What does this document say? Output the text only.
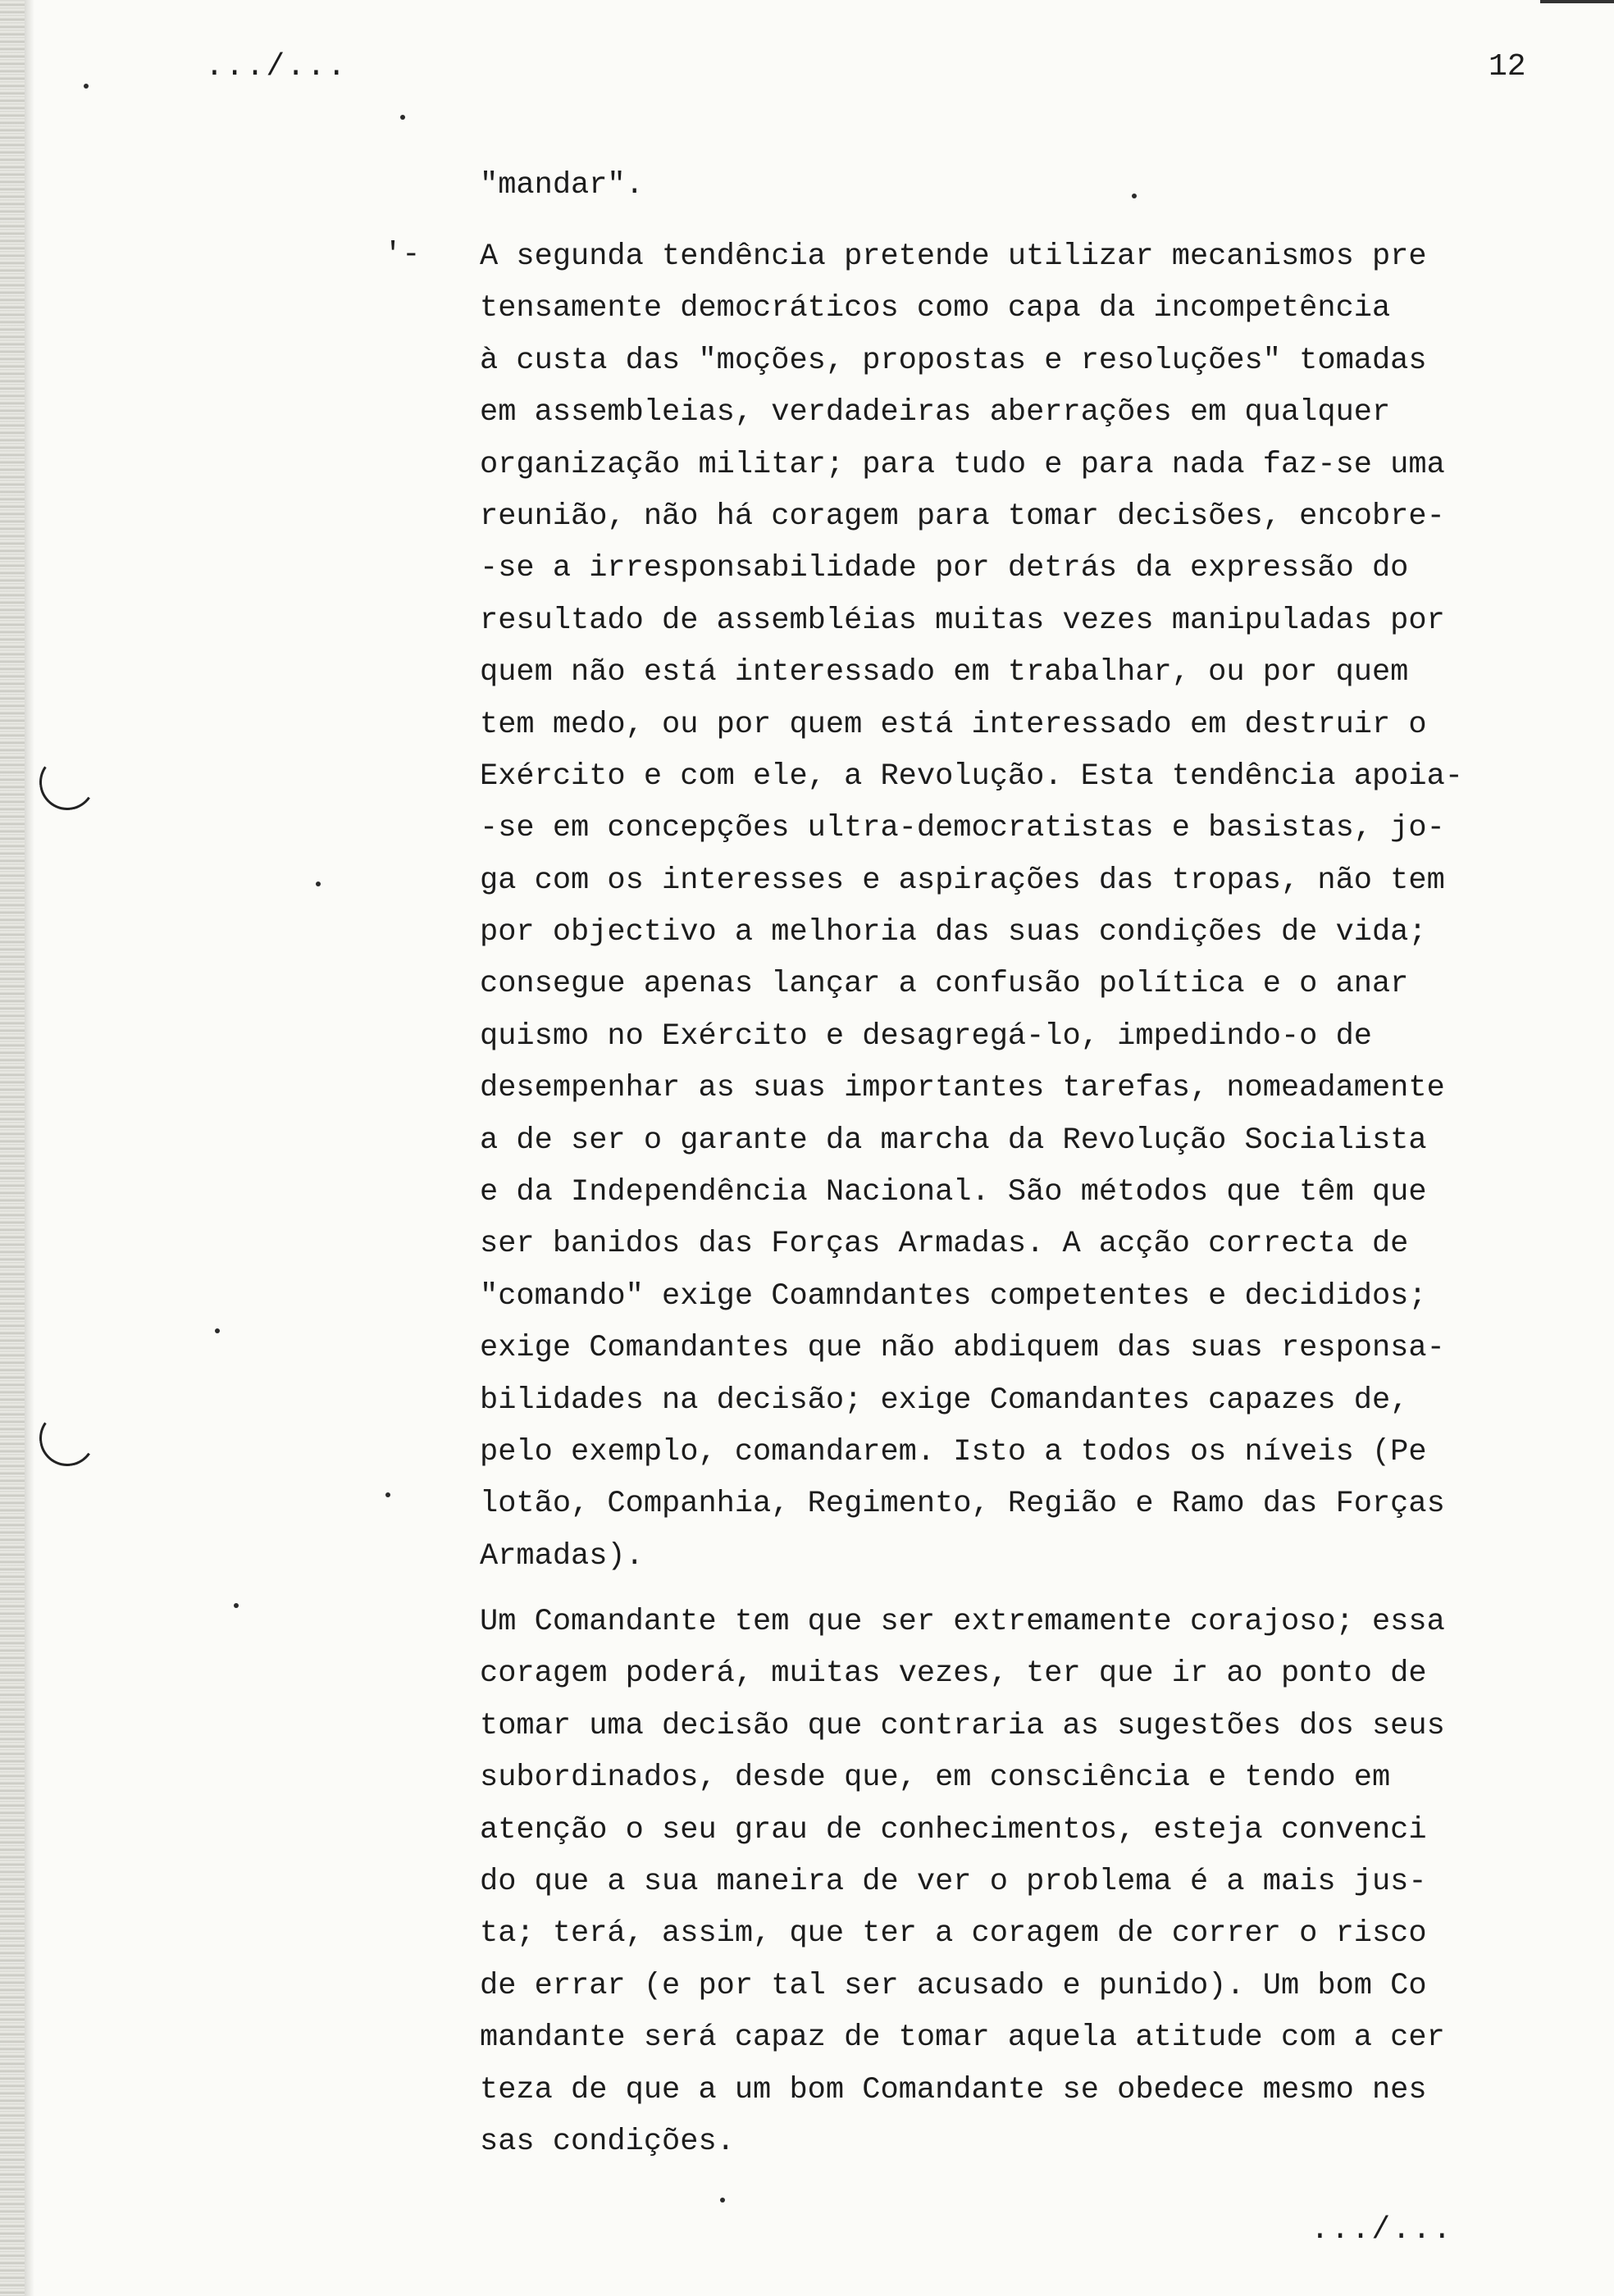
.../...	12
'-
"mandar".
A segunda tendência pretende utilizar mecanismos pre
tensamente democráticos como capa da incompetência
à custa das "moções, propostas e resoluções" tomadas
em assembleias, verdadeiras aberrações em qualquer
organização militar; para tudo e para nada faz-se uma
reunião, não há coragem para tomar decisões, encobre-
-se a irresponsabilidade por detrás da expressão do
resultado de assembléias muitas vezes manipuladas por
quem não está interessado em trabalhar, ou por quem
tem medo, ou por quem está interessado em destruir o
Exército e com ele, a Revolução. Esta tendência apoia-
-se em concepções ultra-democratistas e basistas, jo-
ga com os interesses e aspirações das tropas, não tem
por objectivo a melhoria das suas condições de vida;
consegue apenas lançar a confusão política e o anar
quismo no Exército e desagregá-lo, impedindo-o de
desempenhar as suas importantes tarefas, nomeadamente
a de ser o garante da marcha da Revolução Socialista
e da Independência Nacional. São métodos que têm que
ser banidos das Forças Armadas. A acção correcta de
"comando" exige Coamndantes competentes e decididos;
exige Comandantes que não abdiquem das suas responsa-
bilidades na decisão; exige Comandantes capazes de,
pelo exemplo, comandarem. Isto a todos os níveis (Pe
lotão, Companhia, Regimento, Região e Ramo das Forças
Armadas).
Um Comandante tem que ser extremamente corajoso; essa
coragem poderá, muitas vezes, ter que ir ao ponto de
tomar uma decisão que contraria as sugestões dos seus
subordinados, desde que, em consciência e tendo em
atenção o seu grau de conhecimentos, esteja convenci
do que a sua maneira de ver o problema é a mais jus-
ta; terá, assim, que ter a coragem de correr o risco
de errar (e por tal ser acusado e punido). Um bom Co
mandante será capaz de tomar aquela atitude com a cer
teza de que a um bom Comandante se obedece mesmo nes
sas condições.
.../...
